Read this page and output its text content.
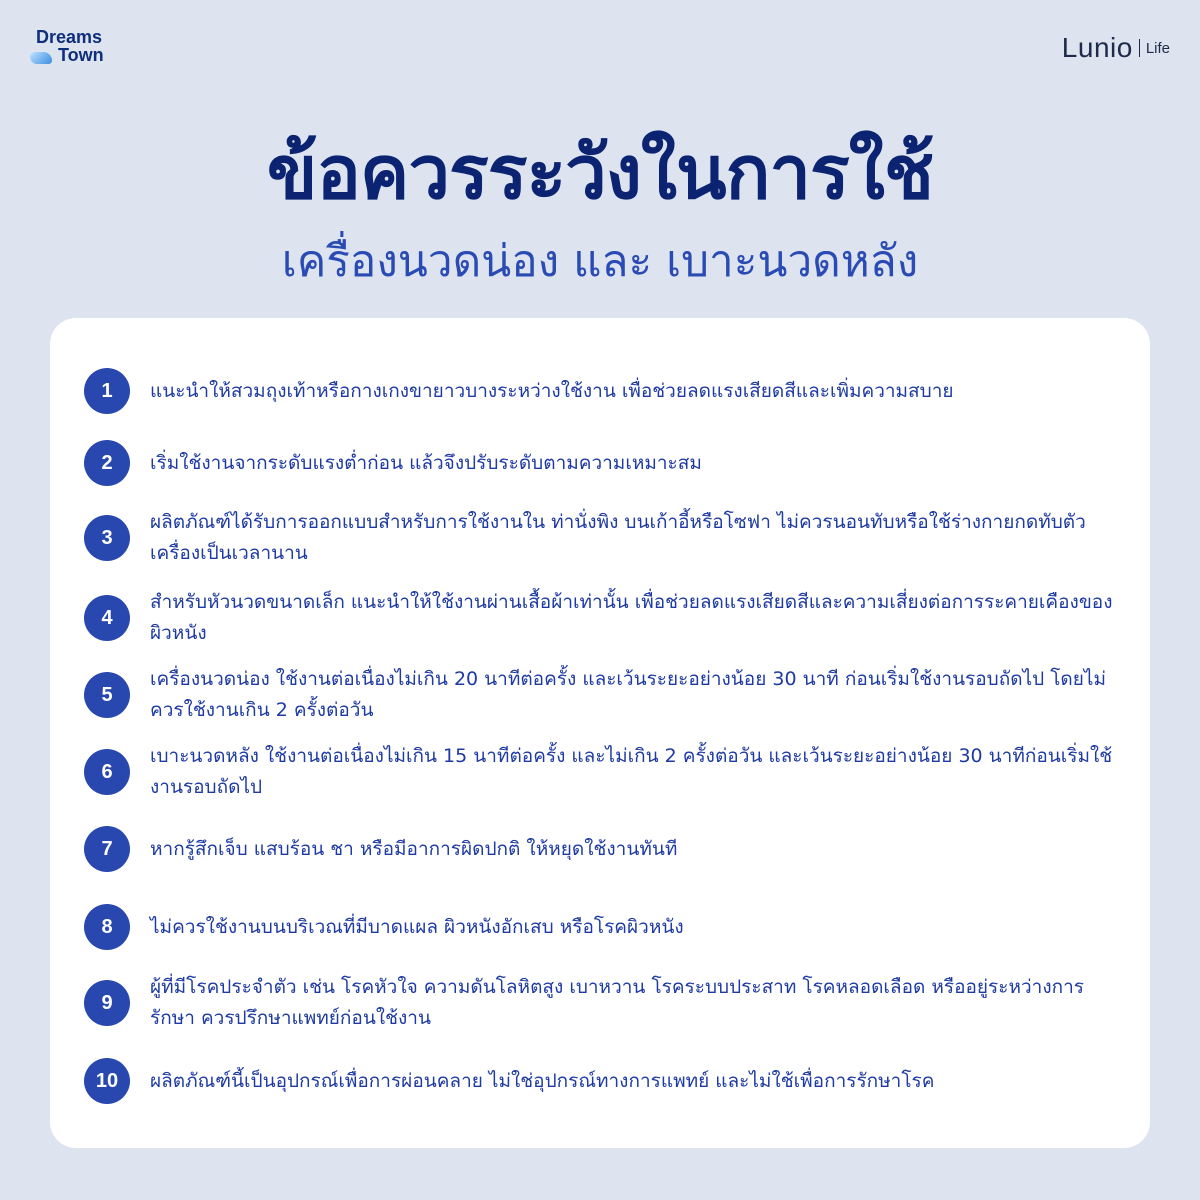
Dreams
Town	Lunio Life
ข้อควรระวังในการใช้
เครื่องนวดน่อง และ เบาะนวดหลัง
1	แนะนำให้สวมถุงเท้าหรือกางเกงขายาวบางระหว่างใช้งาน เพื่อช่วยลดแรงเสียดสีและเพิ่มความสบาย
2	เริ่มใช้งานจากระดับแรงต่ำก่อน แล้วจึงปรับระดับตามความเหมาะสม
3
ผลิตภัณฑ์ได้รับการออกแบบสำหรับการใช้งานใน ท่านั่งพิง บนเก้าอี้หรือโซฟา ไม่ควรนอนทับหรือใช้ร่างกายกดทับตัวเครื่องเป็นเวลานาน
4
สำหรับหัวนวดขนาดเล็ก แนะนำให้ใช้งานผ่านเสื้อผ้าเท่านั้น เพื่อช่วยลดแรงเสียดสีและความเสี่ยงต่อการระคายเคืองของผิวหนัง
5
เครื่องนวดน่อง ใช้งานต่อเนื่องไม่เกิน 20 นาทีต่อครั้ง และเว้นระยะอย่างน้อย 30 นาที ก่อนเริ่มใช้งานรอบถัดไป โดยไม่ควรใช้งานเกิน 2 ครั้งต่อวัน
6
เบาะนวดหลัง ใช้งานต่อเนื่องไม่เกิน 15 นาทีต่อครั้ง และไม่เกิน 2 ครั้งต่อวัน และเว้นระยะอย่างน้อย 30 นาทีก่อนเริ่มใช้งานรอบถัดไป
7	หากรู้สึกเจ็บ แสบร้อน ชา หรือมีอาการผิดปกติ ให้หยุดใช้งานทันที
8	ไม่ควรใช้งานบนบริเวณที่มีบาดแผล ผิวหนังอักเสบ หรือโรคผิวหนัง
9
ผู้ที่มีโรคประจำตัว เช่น โรคหัวใจ ความดันโลหิตสูง เบาหวาน โรคระบบประสาท โรคหลอดเลือด หรืออยู่ระหว่างการรักษา ควรปรึกษาแพทย์ก่อนใช้งาน
10	ผลิตภัณฑ์นี้เป็นอุปกรณ์เพื่อการผ่อนคลาย ไม่ใช่อุปกรณ์ทางการแพทย์ และไม่ใช้เพื่อการรักษาโรค
